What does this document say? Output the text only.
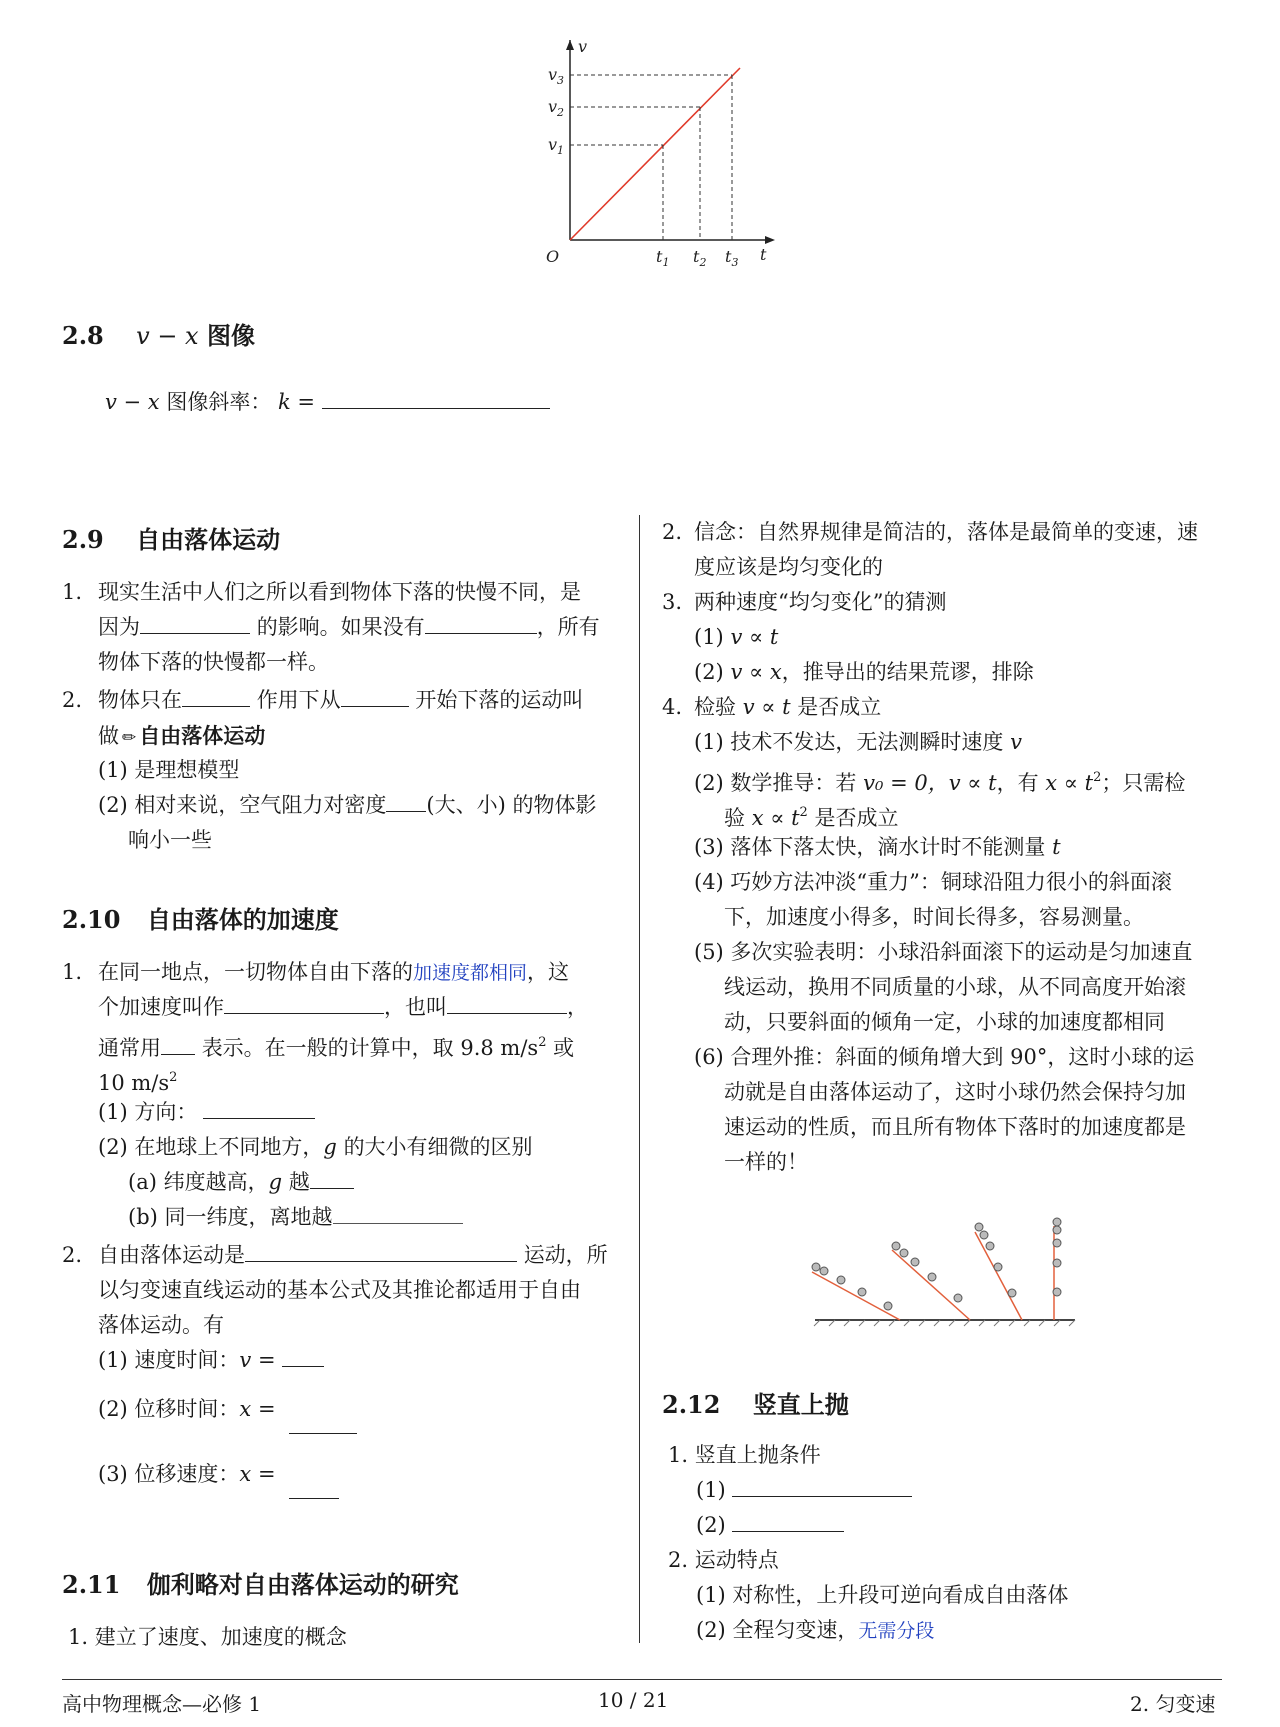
v
$v_3$
$v_2$
$v_1$
$t_1$ $t_2$ $t_3$ t
O
2.8 v − x 图像
v − x 图像斜率： k =
2.9 自由落体运动
1. 现实生活中人们之所以看到物体下落的快慢不同，是
因为	的影响。如果没有	，所有
物体下落的快慢都一样。
2. 物体只在	作用下从	开始下落的运动叫
做 ✏ 自由落体运动
(1) 是理想模型
(2) 相对来说，空气阻力对密度 (大、小) 的物体影
响小一些
2.10 自由落体的加速度
1. 在同一地点，一切物体自由下落的加速度都相同，这
个加速度叫作	，也叫	，
通常用 表示。在一般的计算中，取 9.8 $m/s^2$ 或
10 $m/s^2$
(1) 方向：
(2) 在地球上不同地方，g 的大小有细微的区别
(a) 纬度越高，g 越
(b) 同一纬度，离地越
2. 自由落体运动是	运动，所
以匀变速直线运动的基本公式及其推论都适用于自由
落体运动。有
(1) 速度时间：v =
(2) 位移时间：x =
(3) 位移速度：x =
2.11 伽利略对自由落体运动的研究
1. 建立了速度、加速度的概念
2. 信念：自然界规律是简洁的，落体是最简单的变速，速
度应该是均匀变化的
3. 两种速度“均匀变化”的猜测
(1) v ∝ t
(2) v ∝ x，推导出的结果荒谬，排除
4. 检验 v ∝ t 是否成立
(1) 技术不发达，无法测瞬时速度 v
(2) 数学推导：若 v₀ = 0，v ∝ t，有 $x \propto t^2$；只需检
验 $x \propto t^2$ 是否成立
(3) 落体下落太快，滴水计时不能测量 t
(4) 巧妙方法冲淡“重力”：铜球沿阻力很小的斜面滚
下，加速度小得多，时间长得多，容易测量。
(5) 多次实验表明：小球沿斜面滚下的运动是匀加速直
线运动，换用不同质量的小球，从不同高度开始滚
动，只要斜面的倾角一定，小球的加速度都相同
(6) 合理外推：斜面的倾角增大到 90°，这时小球的运
动就是自由落体运动了，这时小球仍然会保持匀加
速运动的性质，而且所有物体下落时的加速度都是
一样的！
2.12 竖直上抛
1. 竖直上抛条件
(1)
(2)
2. 运动特点
(1) 对称性，上升段可逆向看成自由落体
(2) 全程匀变速，无需分段
高中物理概念—必修 1	10 / 21	2. 匀变速
